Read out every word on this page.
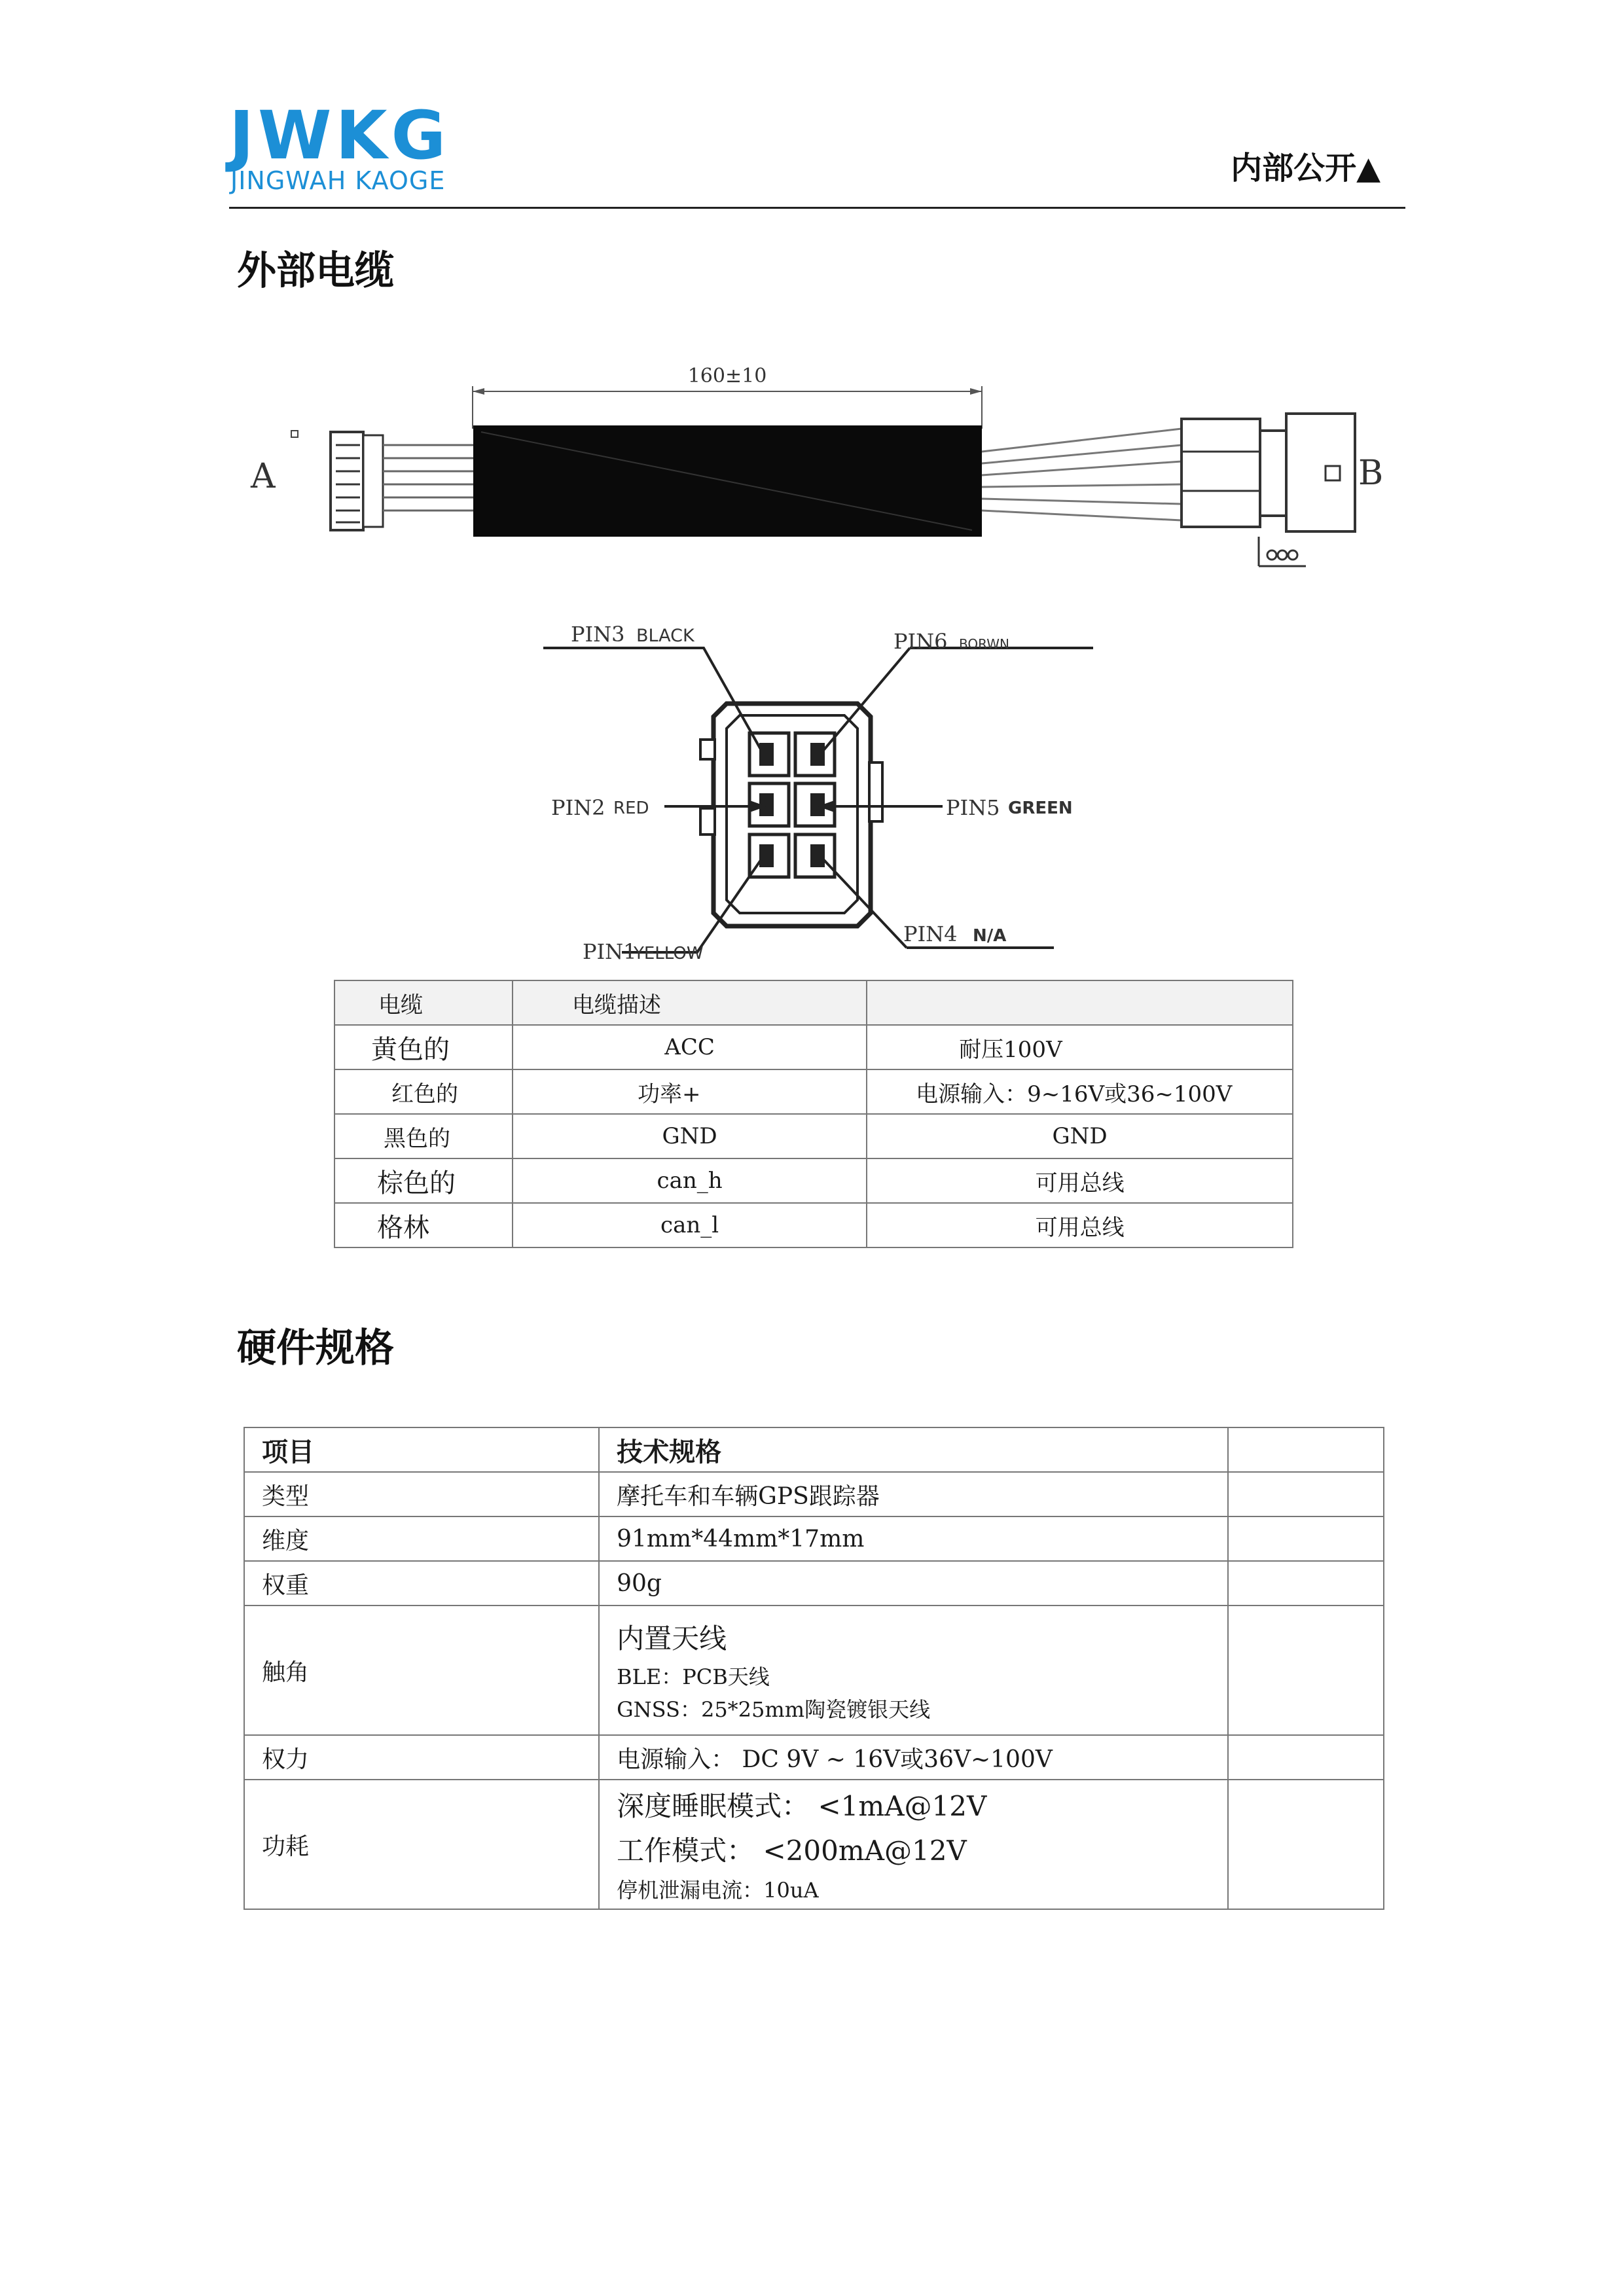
JWKG
JINGWAH KAOGE	内部公开▲
外部电缆
160±10
A	B
PIN3 BLACK	PIN6 BORWN
PIN2 RED	PIN5 GREEN
PIN1
YELLOW
PIN4 N/A
电缆	电缆描述	
黄色的	ACC	耐压100V
红色的	功率+	电源输入：9~16V或36~100V
黑色的	GND	GND
棕色的	can_h	可用总线
格林	can_l	可用总线
硬件规格
项目	技术规格	
类型	摩托车和车辆GPS跟踪器	
维度	91mm*44mm*17mm	
权重	90g	
触角	内置天线
BLE：PCB天线
GNSS：25*25mm陶瓷镀银天线	

权力	电源输入： DC 9V ~ 16V或36V~100V	
功耗	深度睡眠模式： <1mA@12V
工作模式： <200mA@12V
停机泄漏电流：10uA	
